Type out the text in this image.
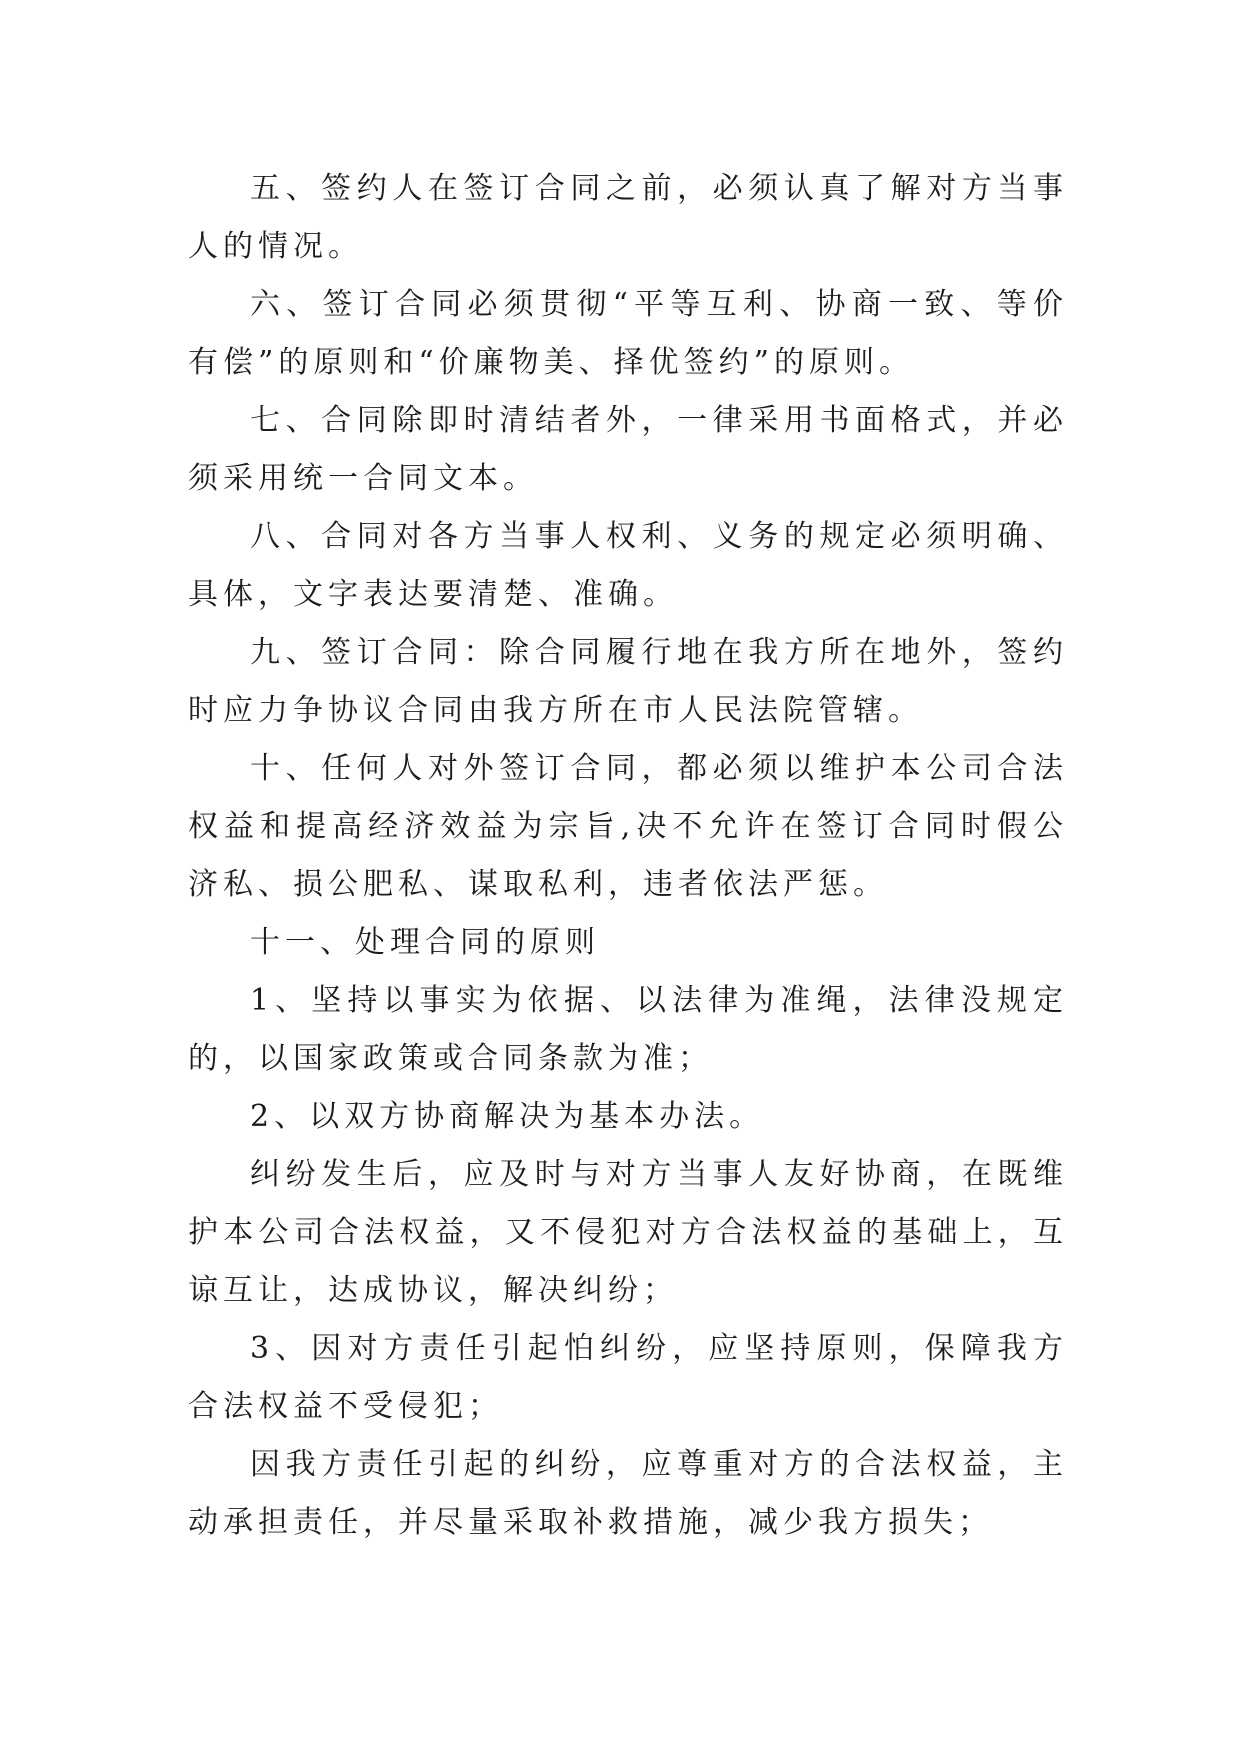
五、签约人在签订合同之前，必须认真了解对方当事人的情况。

六、签订合同必须贯彻“平等互利、协商一致、等价有偿”的原则和“价廉物美、择优签约”的原则。

七、合同除即时清结者外，一律采用书面格式，并必须采用统一合同文本。

八、合同对各方当事人权利、义务的规定必须明确、具体，文字表达要清楚、准确。

九、签订合同：除合同履行地在我方所在地外，签约时应力争协议合同由我方所在市人民法院管辖。

十、任何人对外签订合同，都必须以维护本公司合法权益和提高经济效益为宗旨,决不允许在签订合同时假公济私、损公肥私、谋取私利，违者依法严惩。

十一、处理合同的原则

1、坚持以事实为依据、以法律为准绳，法律没规定的，以国家政策或合同条款为准；

2、以双方协商解决为基本办法。

纠纷发生后，应及时与对方当事人友好协商，在既维护本公司合法权益，又不侵犯对方合法权益的基础上，互谅互让，达成协议，解决纠纷；

3、因对方责任引起怕纠纷，应坚持原则，保障我方合法权益不受侵犯；

因我方责任引起的纠纷，应尊重对方的合法权益，主动承担责任，并尽量采取补救措施，减少我方损失；
